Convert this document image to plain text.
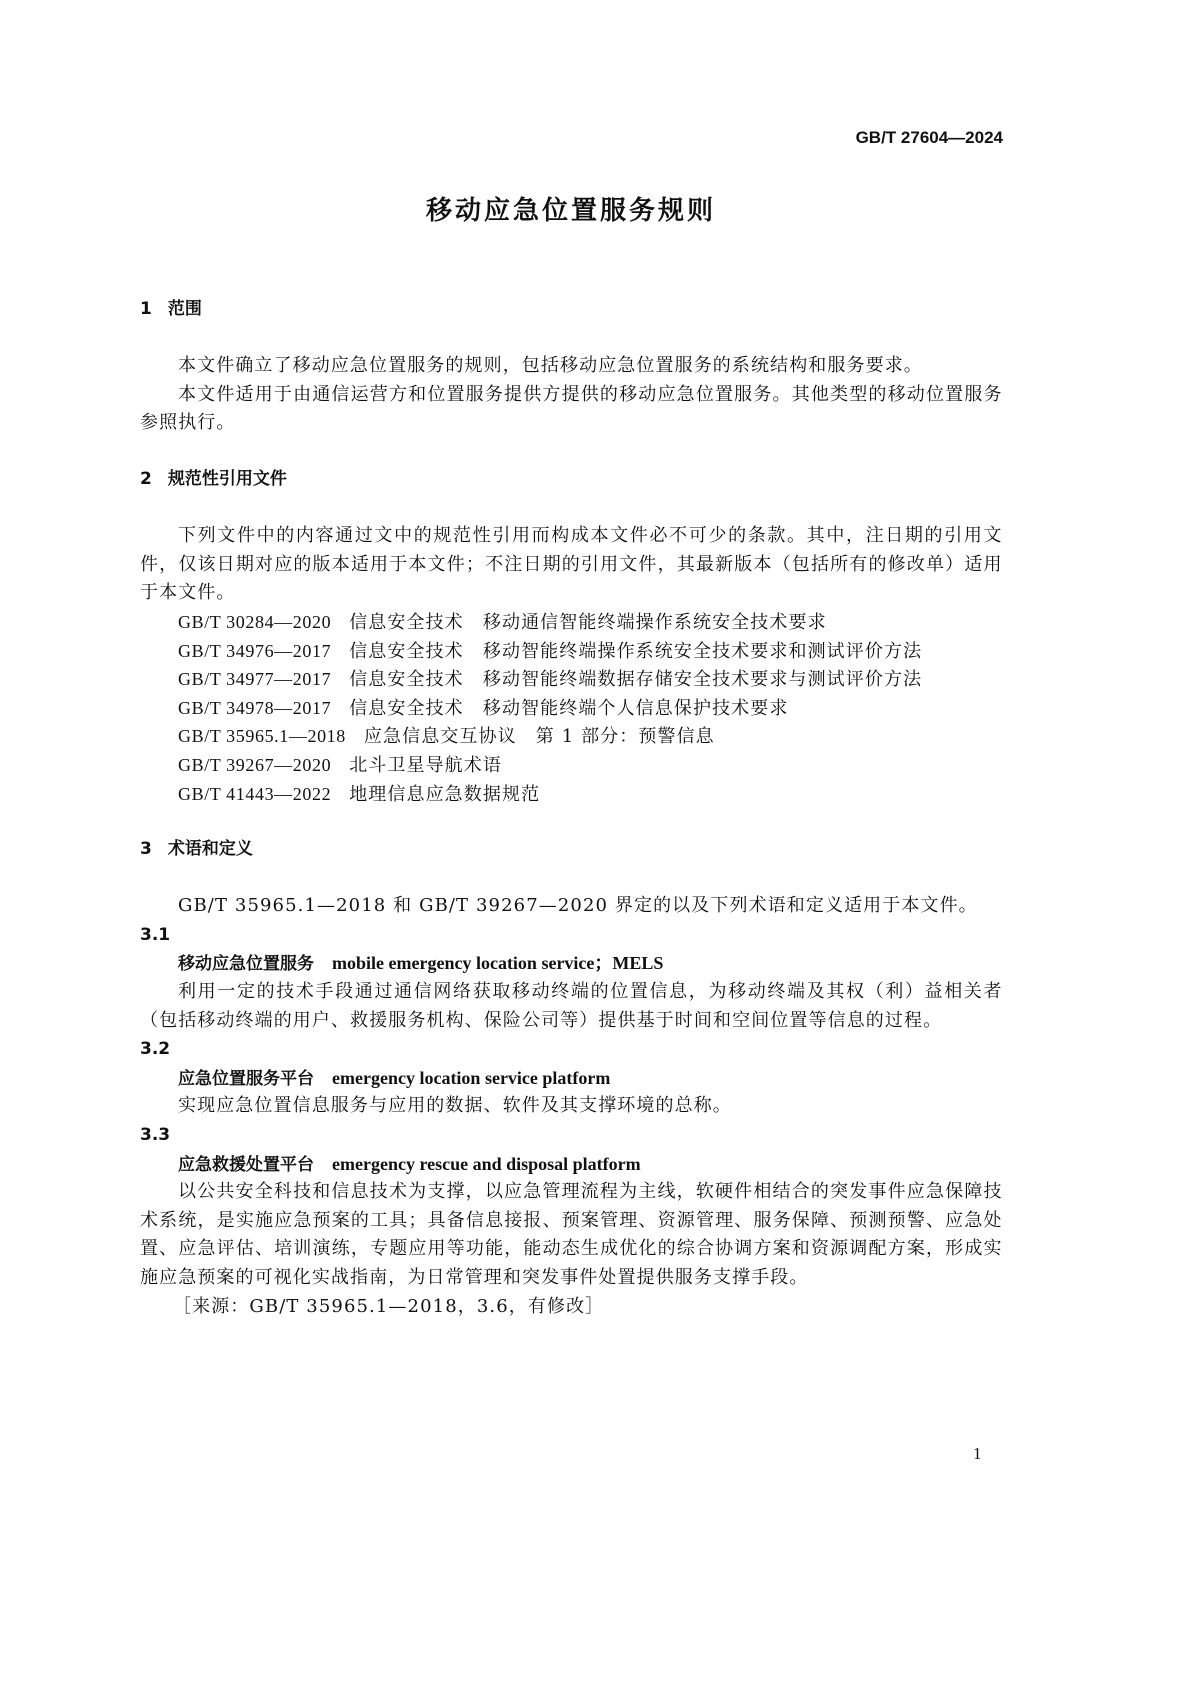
GB/T 27604—2024
移动应急位置服务规则
1 范围
本文件确立了移动应急位置服务的规则，包括移动应急位置服务的系统结构和服务要求。
本文件适用于由通信运营方和位置服务提供方提供的移动应急位置服务。其他类型的移动位置服务
参照执行。
2 规范性引用文件
下列文件中的内容通过文中的规范性引用而构成本文件必不可少的条款。其中，注日期的引用文
件，仅该日期对应的版本适用于本文件；不注日期的引用文件，其最新版本（包括所有的修改单）适用
于本文件。
GB/T 30284—2020 信息安全技术　移动通信智能终端操作系统安全技术要求
GB/T 34976—2017 信息安全技术　移动智能终端操作系统安全技术要求和测试评价方法
GB/T 34977—2017 信息安全技术　移动智能终端数据存储安全技术要求与测试评价方法
GB/T 34978—2017 信息安全技术　移动智能终端个人信息保护技术要求
GB/T 35965.1—2018 应急信息交互协议　第 1 部分：预警信息
GB/T 39267—2020 北斗卫星导航术语
GB/T 41443—2022 地理信息应急数据规范
3 术语和定义
GB/T 35965.1—2018 和 GB/T 39267—2020 界定的以及下列术语和定义适用于本文件。
3.1
移动应急位置服务 mobile emergency location service；MELS
利用一定的技术手段通过通信网络获取移动终端的位置信息，为移动终端及其权（利）益相关者
（包括移动终端的用户、救援服务机构、保险公司等）提供基于时间和空间位置等信息的过程。
3.2
应急位置服务平台 emergency location service platform
实现应急位置信息服务与应用的数据、软件及其支撑环境的总称。
3.3
应急救援处置平台 emergency rescue and disposal platform
以公共安全科技和信息技术为支撑，以应急管理流程为主线，软硬件相结合的突发事件应急保障技
术系统，是实施应急预案的工具；具备信息接报、预案管理、资源管理、服务保障、预测预警、应急处
置、应急评估、培训演练，专题应用等功能，能动态生成优化的综合协调方案和资源调配方案，形成实
施应急预案的可视化实战指南，为日常管理和突发事件处置提供服务支撑手段。
［来源：GB/T 35965.1—2018，3.6，有修改］
1
